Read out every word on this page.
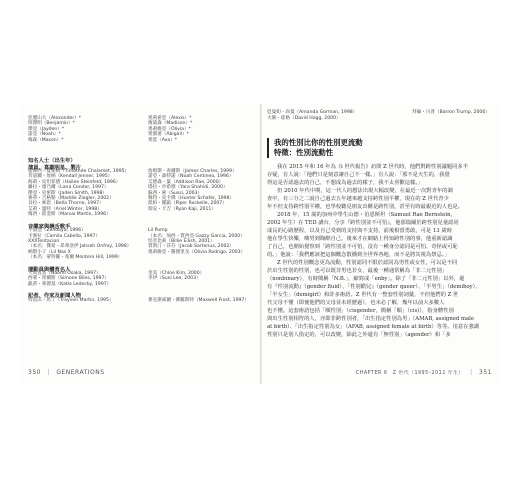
亞歷山大（Alexander）*
班傑明（Benjamin）*
傑登（Jayden）*
諾亞（Noah）*
梅森（Mason）*
愛莉希亞（Alexis）*
梅迪森（Madison）*
奧莉維亞（Olivia）*
愛薇蕾（Abigail）*
愛娃（Ava）*
知名人士（出生年）
演員、喜劇明星、製片
提摩西・夏勒梅（Timothée Chalamet, 1995）
肯道爾・詹納（Kendall Jenner, 1995）
海莉・史坦菲德（Hailee Steinfeld, 1996）
蘿拉・康乃爾（Lana Condor, 1997）
傑登・史密斯（Jaden Smith, 1998）
麥蒂・吉格勒（Maddie Ziegler, 2002）
貝拉・索恩（Bella Thorne, 1997）
艾莉・溫特（Ariel Winter, 1998）
梅西・霍金斯（Marsai Martin, 1996）
詹姆斯・查爾斯（James Charles, 1999）
諾亞・森特諾（Noah Centineo, 1996）
艾德森・葉（Addison Rae, 2000）
塔拉・沙希德（Yara Shahidi, 2000）
蘇西・索（Sussi, 2003）
韓特・史卡佛（Hunter Schafer, 1998）
派柏・羅凱（Piper Rockelle, 2007）
瑞安・卡吉（Ryan Kaji, 2011）
音樂家與饒舌歌手
千黛亞（Zendaya, 1996）
卡蜜拉（Camila Cabello, 1997）
XXXTentacion
（本名：傑希・昂弗洛伊 Jahseh Onfroy, 1998）
納斯小子（Lil Nas X
（本名：蒙特羅・希爾 Montero Hill, 1999）
Lil Pump
（本名：加西・賈西亞 Gazzy Garcia, 2000）
怪奇比莉（Billie Eilish, 2001）
賈斯汀・莎芬（Jacob Sartorius, 2002）
奧莉維亞・羅德里戈（Olivia Rodrigo, 2003）
運動員與體育名人
大坂直美（Naomi Osaka, 1997）
西蒙・拜爾斯（Simone Biles, 1997）
凱蒂・萊德基（Katie Ledecky, 1997）
金美（Chloe Kim, 2000）
李伊（Suni Lee, 2003）
記者、作家及新聞人物
特雷沃・馬丁（Trayvon Martin, 1995）	麥克斯威爾・佛羅斯特（Maxwell Frost, 1997）
350 | GENERATIONS
亞曼妲・高曼（Amanda Gorman, 1998）
大衛・霍格（David Hogg, 2000）
拜倫・川普（Barron Trump, 2006）
我的性別比你的性別更流動
特徵：性別流動性

我在 2015 年和 16 年為《i 世代報告》訪問 Z 世代時，他們對跨性別議題同多半

存疑，有人說：「他們只是刻意讓自己不一樣。」有人說：「那不是天生的，我覺

得這是否認過去的自己，不想成為過去的樣子，我不太喜歡這樣。」

但 2010 年代中期，這一代人的想法出現大幅改變，在最近一次對青年的調

查中，有三分之二說自己過去五年越來越支持跨性別平權，現在的 Z 世代青少

年不但支持跨性別平權，也學校聽見朋友出櫃是跨性別，甚至有時最親近的人也是。

2018 年，15 歲的加州中學生山德・伯恩斯坦（Samuel Rae Bernstein，

2002 年生）在 TED 講台，分享『跨性別並不可怕』，他那篇關於跨性別兒童認同

成長的心路歷程，以及自己受到的支持與不支持，前後相當勇敢，可是 13 歲時

他在學生快樂，嗨男到陶醉自己，後來才在網路上得知跨性別的事，他重新認識

了自己，也開始覺察到「跨性別並不可怕，沒有一種身分認同是可怕、奇怪或可恥

的。」他說：「我們應該把這個概念散播到全世界各地，而不是將其視為禁忌。」

Z 世代的性別概念更為流動，性別認同不限於認同為男性或女性，可以是不同

於出生性別的性別，也可以既非男也非女，最後一種通常稱為「非二元性別」

（nonbinary），有時簡稱「N.B.」，縮寫成「enby」。除了「非二元性別」以外，還

有『性別流動』（gender fluid）、「性別酷兒』（gender queer）、「半男生」（demiboy）、

「半女生」（demigirl）和許多術語。Z 世代有一整套性別詞彙，不但他們的 Z 世

代父母不懂（即便他們的父母並未經歷過），也未必了解，幾年以前大多數人

也不懂。這套術語包括「順性別」（cisgender，簡稱「順」（cis)），指身體性別

與出生性別相符的人，亦即非跨性別者，「出生指定性別為男」（AMAB, assigned male

at birth）、「出生指定性別為女」（AFAB, assigned female at birth）等等。用意在強調

性別只是別人指定的，可以改變，除此之外還有「無性別」（agender）和「多

CHAPTER 6　Z 世代（1995–2012 年生） | 351
